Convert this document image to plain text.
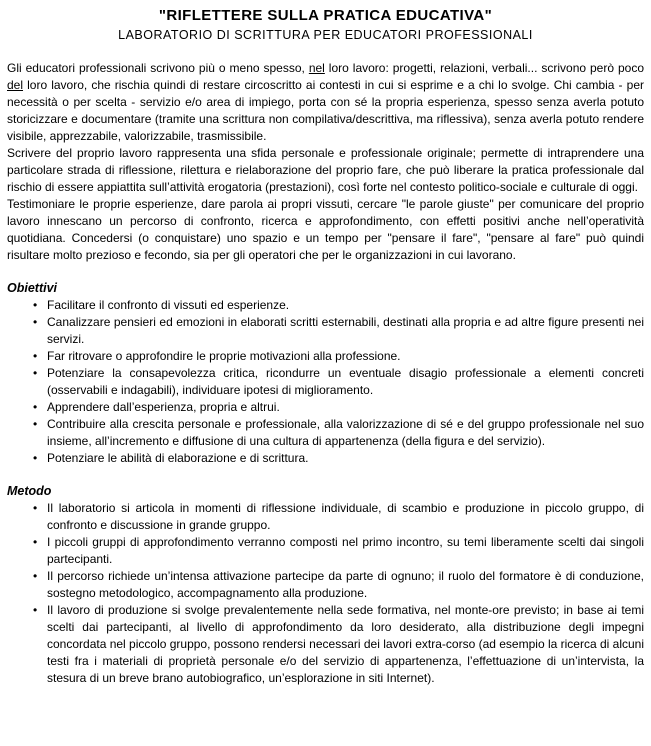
"RIFLETTERE SULLA PRATICA EDUCATIVA"
LABORATORIO DI SCRITTURA PER EDUCATORI PROFESSIONALI

Gli educatori professionali scrivono più o meno spesso, nel loro lavoro: progetti, relazioni, verbali... scrivono però poco del loro lavoro, che rischia quindi di restare circoscritto ai contesti in cui si esprime e a chi lo svolge. Chi cambia - per necessità o per scelta - servizio e/o area di impiego, porta con sé la propria esperienza, spesso senza averla potuto storicizzare e documentare (tramite una scrittura non compilativa/descrittiva, ma riflessiva), senza averla potuto rendere visibile, apprezzabile, valorizzabile, trasmissibile.

Scrivere del proprio lavoro rappresenta una sfida personale e professionale originale; permette di intraprendere una particolare strada di riflessione, rilettura e rielaborazione del proprio fare, che può liberare la pratica professionale dal rischio di essere appiattita sull’attività erogatoria (prestazioni), così forte nel contesto politico-sociale e culturale di oggi.

Testimoniare le proprie esperienze, dare parola ai propri vissuti, cercare "le parole giuste" per comunicare del proprio lavoro innescano un percorso di confronto, ricerca e approfondimento, con effetti positivi anche nell’operatività quotidiana. Concedersi (o conquistare) uno spazio e un tempo per "pensare il fare", "pensare al fare" può quindi risultare molto prezioso e fecondo, sia per gli operatori che per le organizzazioni in cui lavorano.

Obiettivi
• Facilitare il confronto di vissuti ed esperienze.
• Canalizzare pensieri ed emozioni in elaborati scritti esternabili, destinati alla propria e ad altre figure presenti nei servizi.
• Far ritrovare o approfondire le proprie motivazioni alla professione.
• Potenziare la consapevolezza critica, ricondurre un eventuale disagio professionale a elementi concreti (osservabili e indagabili), individuare ipotesi di miglioramento.
• Apprendere dall’esperienza, propria e altrui.
• Contribuire alla crescita personale e professionale, alla valorizzazione di sé e del gruppo professionale nel suo insieme, all’incremento e diffusione di una cultura di appartenenza (della figura e del servizio).
• Potenziare le abilità di elaborazione e di scrittura.
Metodo
• Il laboratorio si articola in momenti di riflessione individuale, di scambio e produzione in piccolo gruppo, di confronto e discussione in grande gruppo.
• I piccoli gruppi di approfondimento verranno composti nel primo incontro, su temi liberamente scelti dai singoli partecipanti.
• Il percorso richiede un’intensa attivazione partecipe da parte di ognuno; il ruolo del formatore è di conduzione, sostegno metodologico, accompagnamento alla produzione.
• Il lavoro di produzione si svolge prevalentemente nella sede formativa, nel monte-ore previsto; in base ai temi scelti dai partecipanti, al livello di approfondimento da loro desiderato, alla distribuzione degli impegni concordata nel piccolo gruppo, possono rendersi necessari dei lavori extra-corso (ad esempio la ricerca di alcuni testi fra i materiali di proprietà personale e/o del servizio di appartenenza, l’effettuazione di un’intervista, la stesura di un breve brano autobiografico, un’esplorazione in siti Internet).
